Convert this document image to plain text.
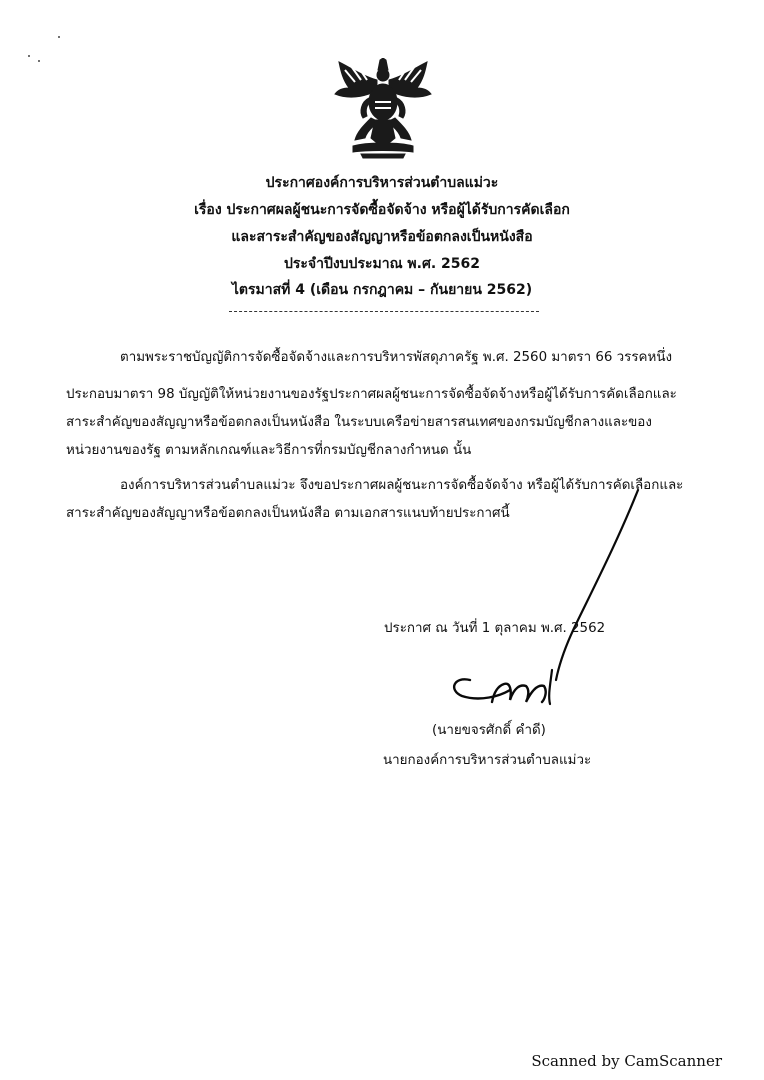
ประกาศองค์การบริหารส่วนตำบลแม่วะ
เรื่อง ประกาศผลผู้ชนะการจัดซื้อจัดจ้าง หรือผู้ได้รับการคัดเลือก
และสาระสำคัญของสัญญาหรือข้อตกลงเป็นหนังสือ
ประจำปีงบประมาณ พ.ศ. 2562
ไตรมาสที่ 4 (เดือน กรกฎาคม – กันยายน 2562)
ตามพระราชบัญญัติการจัดซื้อจัดจ้างและการบริหารพัสดุภาครัฐ พ.ศ. 2560 มาตรา 66 วรรคหนึ่ง
ประกอบมาตรา 98 บัญญัติให้หน่วยงานของรัฐประกาศผลผู้ชนะการจัดซื้อจัดจ้างหรือผู้ได้รับการคัดเลือกและ
สาระสำคัญของสัญญาหรือข้อตกลงเป็นหนังสือ ในระบบเครือข่ายสารสนเทศของกรมบัญชีกลางและของ
หน่วยงานของรัฐ ตามหลักเกณฑ์และวิธีการที่กรมบัญชีกลางกำหนด นั้น
องค์การบริหารส่วนตำบลแม่วะ จึงขอประกาศผลผู้ชนะการจัดซื้อจัดจ้าง หรือผู้ได้รับการคัดเลือกและ
สาระสำคัญของสัญญาหรือข้อตกลงเป็นหนังสือ ตามเอกสารแนบท้ายประกาศนี้
ประกาศ ณ วันที่ 1 ตุลาคม พ.ศ. 2562
(นายขจรศักดิ์ คำดี)
นายกองค์การบริหารส่วนตำบลแม่วะ
Scanned by CamScanner
